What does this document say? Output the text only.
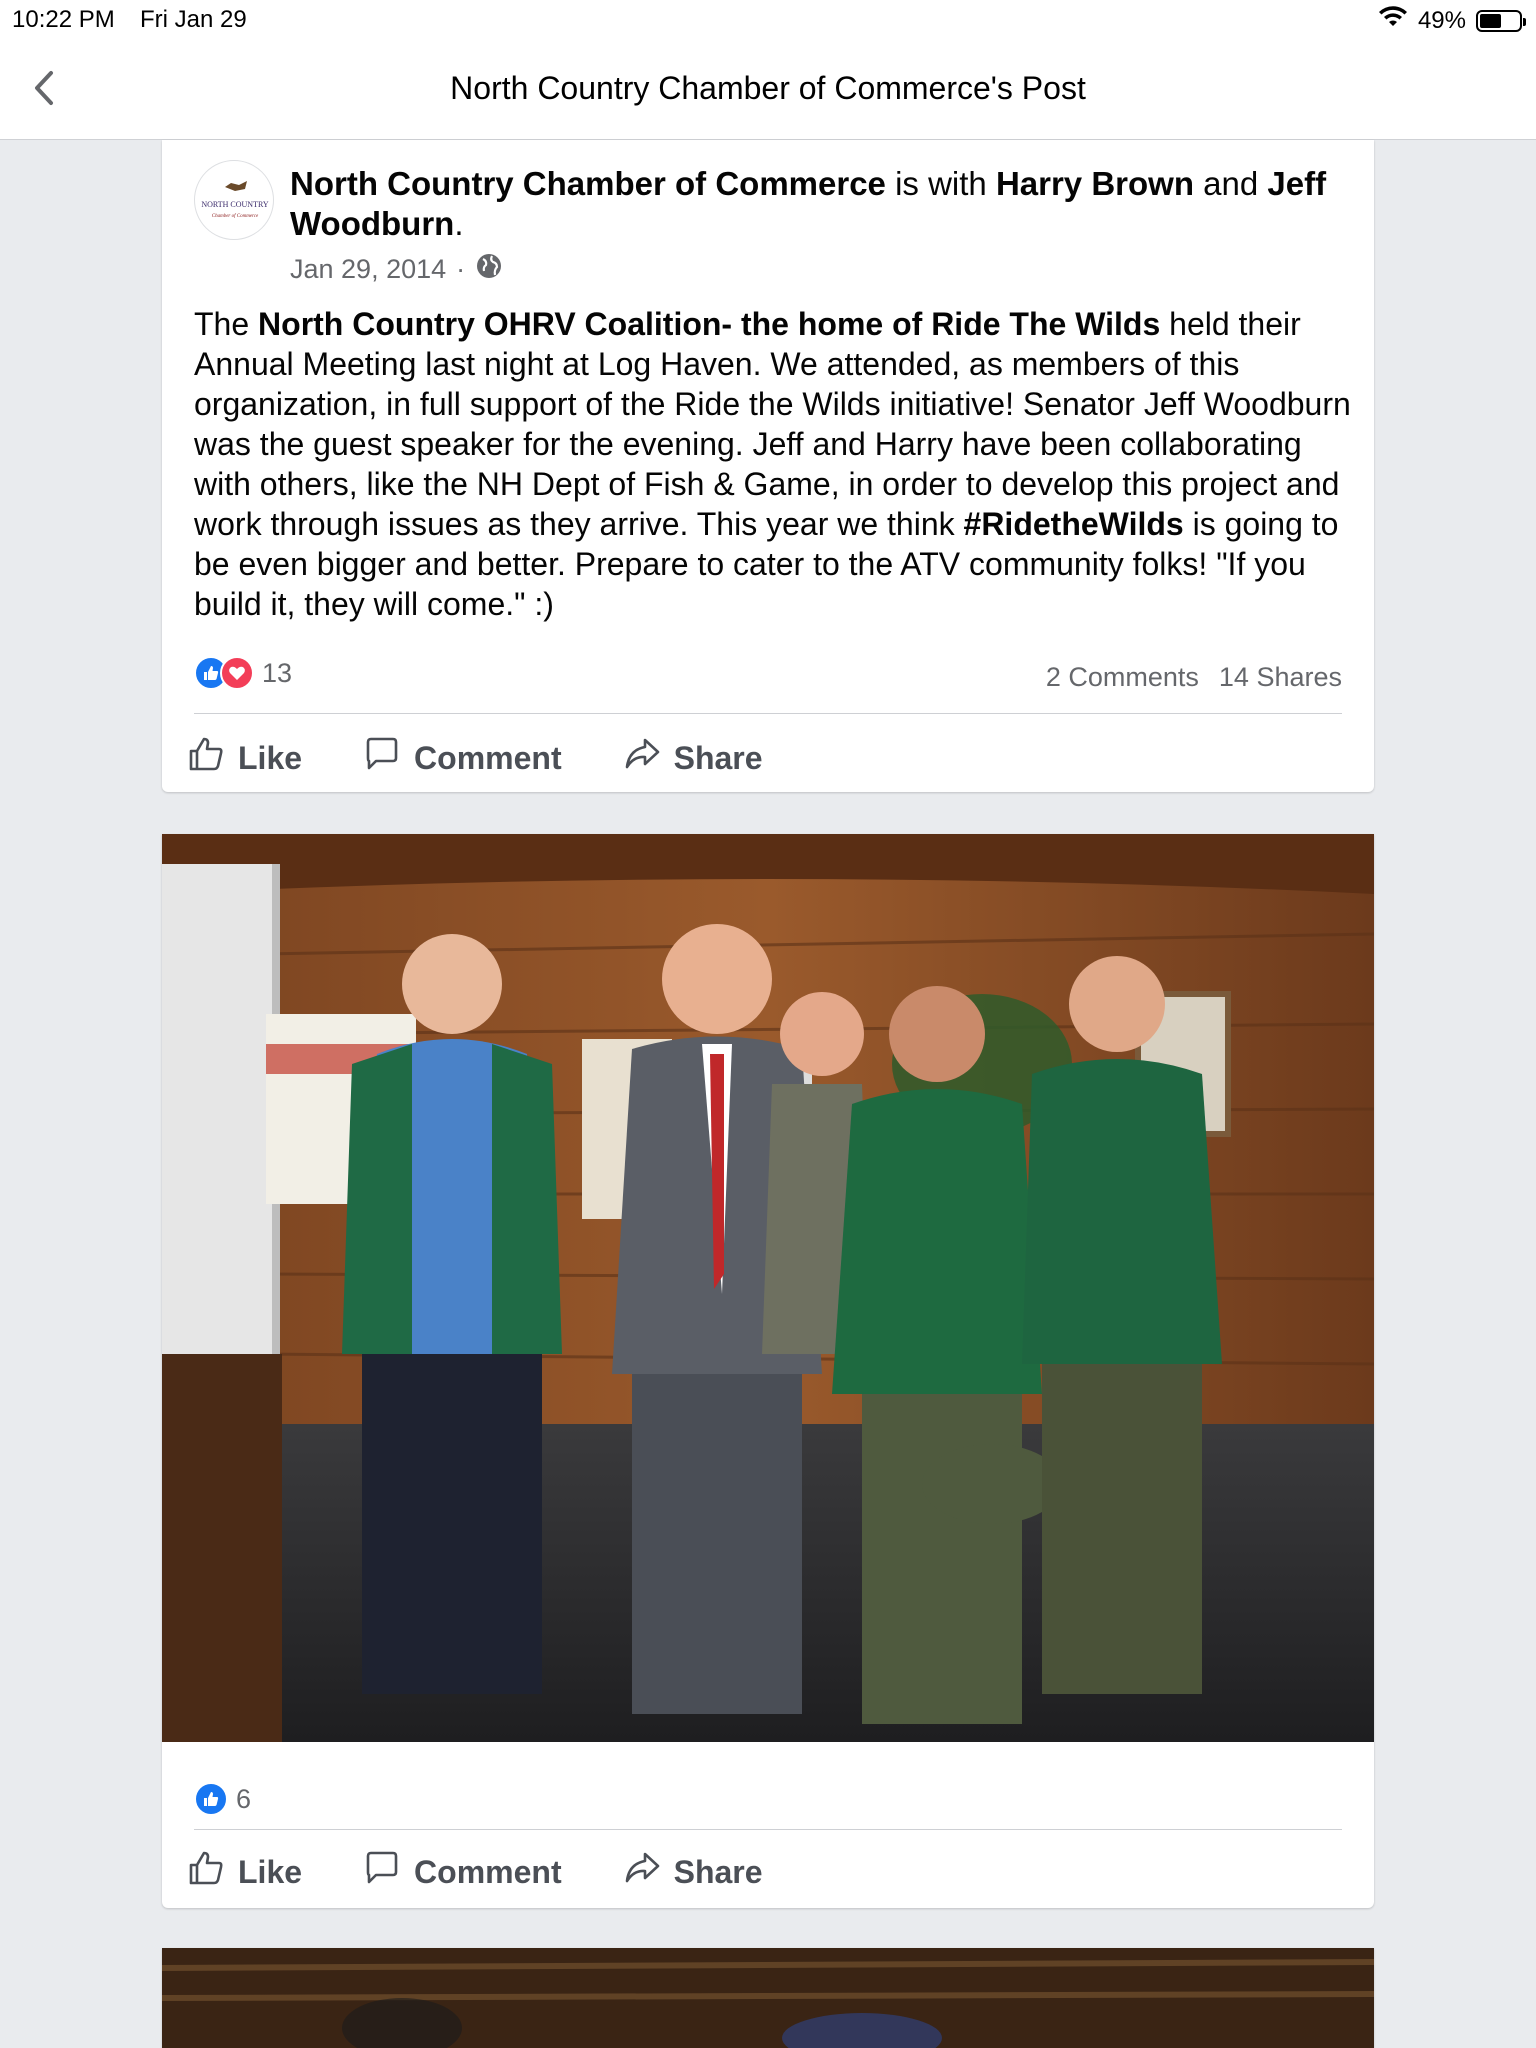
10:22 PM Fri Jan 29	49%
North Country Chamber of Commerce's Post
NORTH COUNTRY
Chamber of Commerce
North Country Chamber of Commerce is with Harry Brown and Jeff Woodburn.
Jan 29, 2014 ·
The North Country OHRV Coalition- the home of Ride The Wilds held their Annual Meeting last night at Log Haven. We attended, as members of this organization, in full support of the Ride the Wilds initiative! Senator Jeff Woodburn was the guest speaker for the evening. Jeff and Harry have been collaborating with others, like the NH Dept of Fish & Game, in order to develop this project and work through issues as they arrive. This year we think #RidetheWilds is going to be even bigger and better. Prepare to cater to the ATV community folks! "If you build it, they will come." :)
13	2 Comments 14 Shares
Like	Comment	Share
6
Like	Comment	Share
